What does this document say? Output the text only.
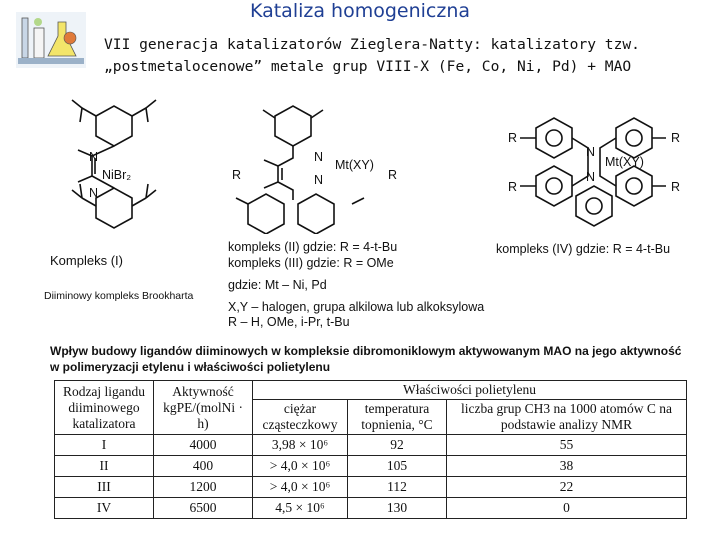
Kataliza homogeniczna
VII generacja katalizatorów Zieglera-Natty: katalizatory tzw.
„postmetalocenowe” metale grup VIII-X (Fe, Co, Ni, Pd) + MAO
N
N
NiBr₂
Kompleks (I)
Diiminowy kompleks Brookharta
Mt(XY)
N
N
R	R
kompleks (II) gdzie: R = 4-t-Bu
kompleks (III) gdzie: R = OMe
gdzie: Mt – Ni, Pd
X,Y – halogen, grupa alkilowa lub alkoksylowa
R – H, OMe, i-Pr, t-Bu
R
R
R
R
Mt(XY)
N
N
kompleks (IV) gdzie: R = 4-t-Bu
Wpływ budowy ligandów diiminowych w kompleksie dibromoniklowym aktywowanym MAO na jego aktywność w polimeryzacji etylenu i właściwości polietylenu
Rodzaj ligandu diiminowego katalizatora	Aktywność kgPE/(molNi · h)	Właściwości polietylenu		
		ciężar cząsteczkowy	temperatura topnienia, °C	liczba grup CH3 na 1000 atomów C na podstawie analizy NMR
I	4000	3,98 × 10⁶	92	55
II	400	> 4,0 × 10⁶	105	38
III	1200	> 4,0 × 10⁶	112	22
IV	6500	4,5 × 10⁶	130	0
